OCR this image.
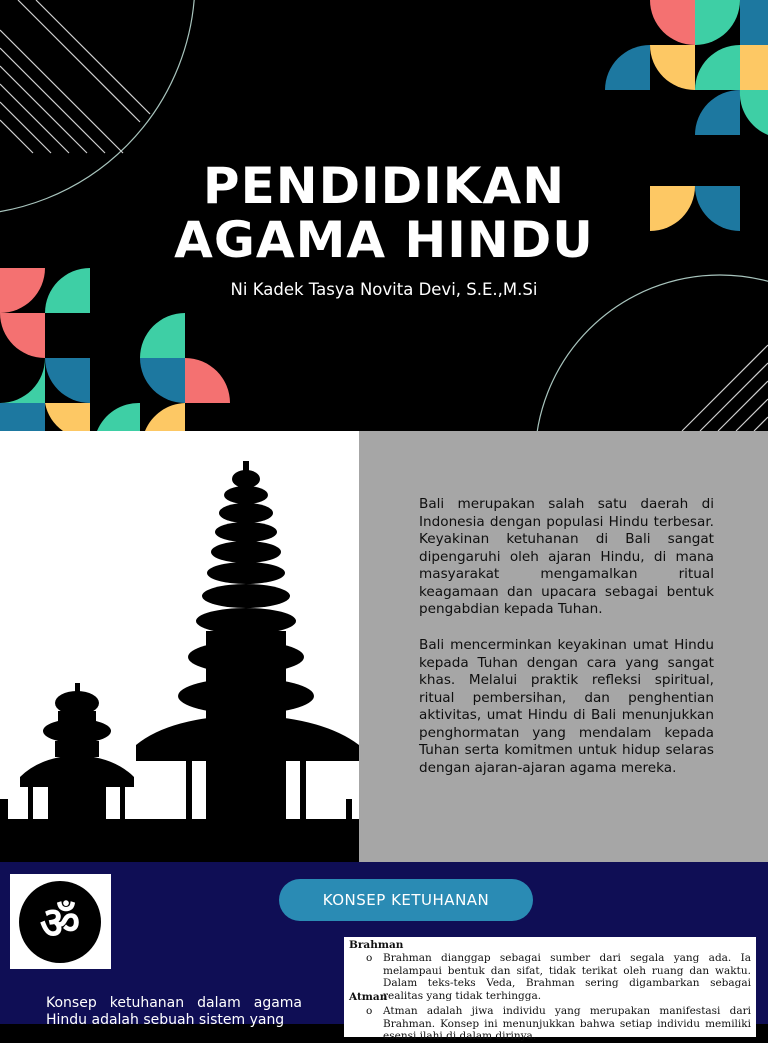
PENDIDIKAN
AGAMA HINDU
Ni Kadek Tasya Novita Devi, S.E.,M.Si

Bali merupakan salah satu daerah di Indonesia dengan populasi Hindu terbesar. Keyakinan ketuhanan di Bali sangat dipengaruhi oleh ajaran Hindu, di mana masyarakat mengamalkan ritual keagamaan dan upacara sebagai bentuk pengabdian kepada Tuhan.

Bali mencerminkan keyakinan umat Hindu kepada Tuhan dengan cara yang sangat khas. Melalui praktik refleksi spiritual, ritual pembersihan, dan penghentian aktivitas, umat Hindu di Bali menunjukkan penghormatan yang mendalam kepada Tuhan serta komitmen untuk hidup selaras dengan ajaran-ajaran agama mereka.

ॐ	KONSEP KETUHANAN
Konsep ketuhanan dalam agama Hindu adalah sebuah sistem yang
Brahman
o Brahman dianggap sebagai sumber dari segala yang ada. Ia melampaui bentuk dan sifat, tidak terikat oleh ruang dan waktu. Dalam teks-teks Veda, Brahman sering digambarkan sebagai realitas yang tidak terhingga.
Atman
o Atman adalah jiwa individu yang merupakan manifestasi dari Brahman. Konsep ini menunjukkan bahwa setiap individu memiliki esensi ilahi di dalam dirinya.
